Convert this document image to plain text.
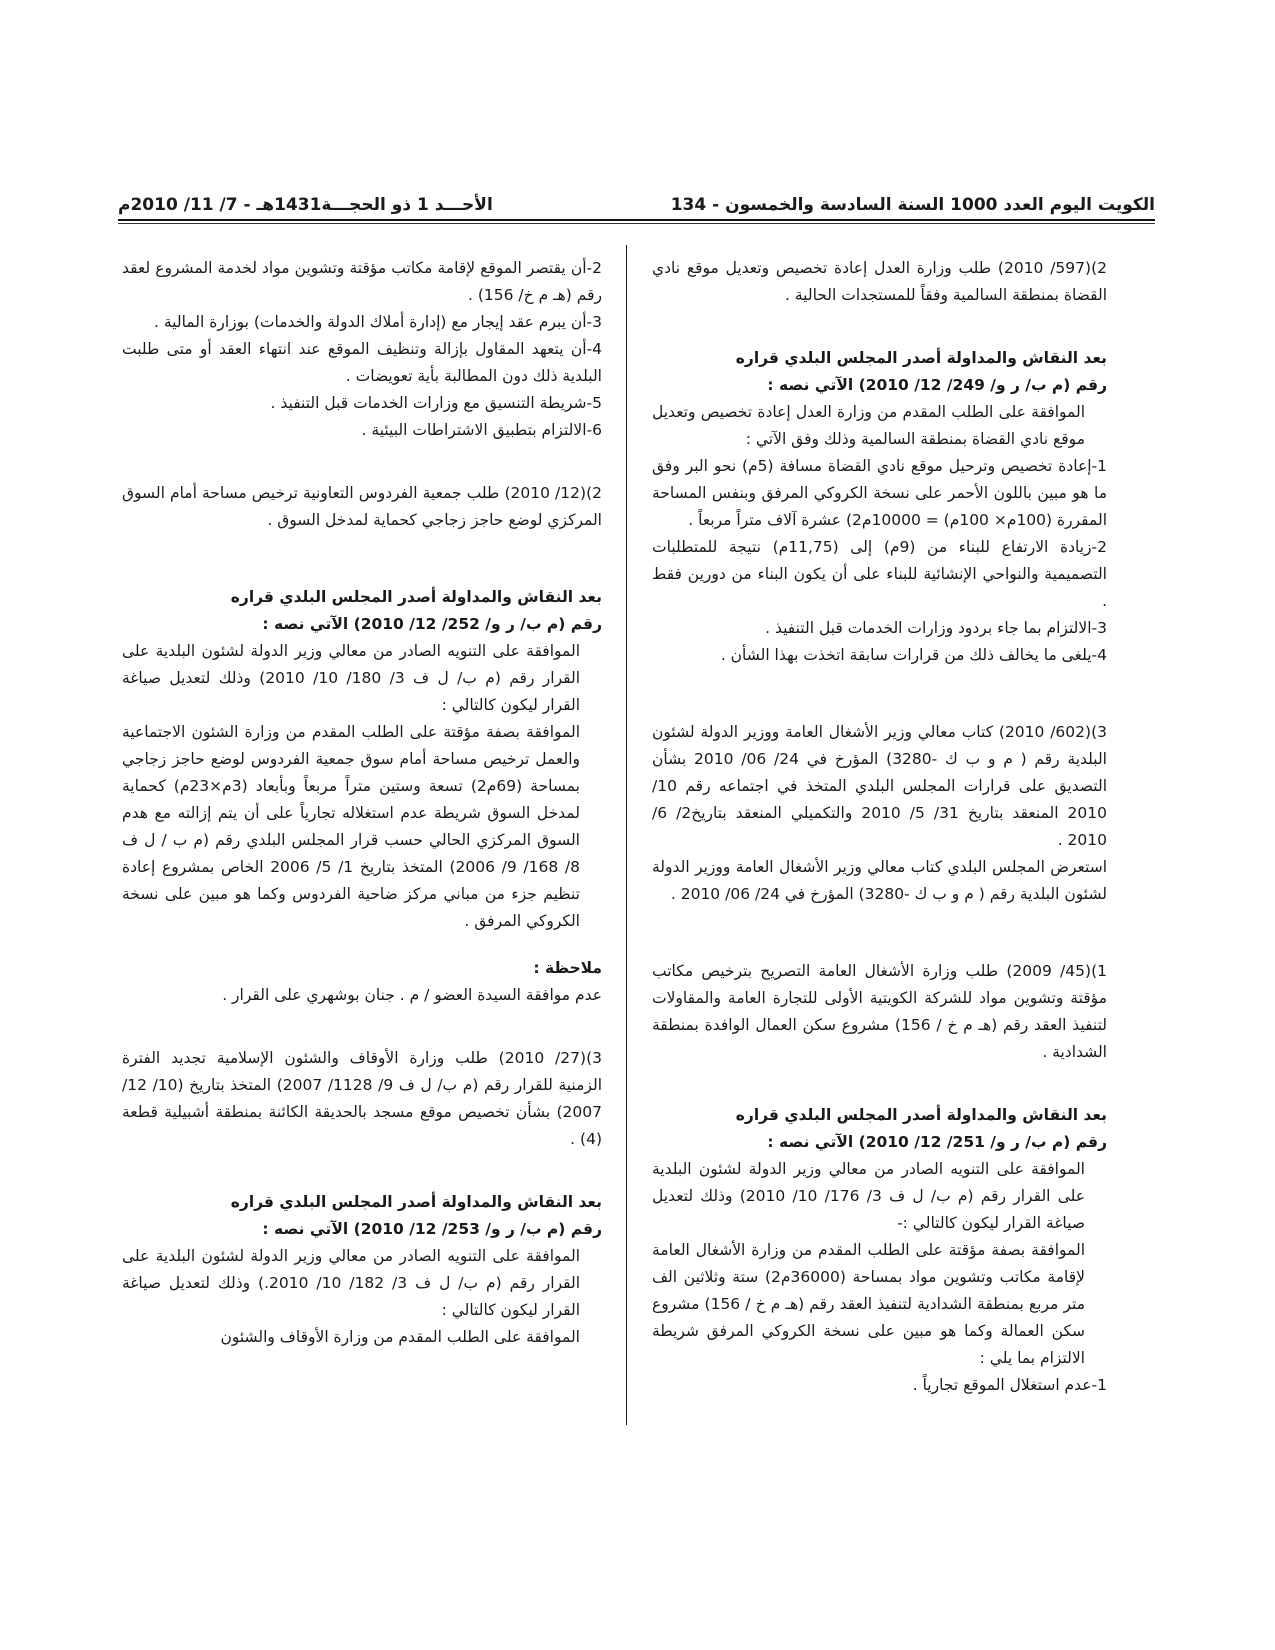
الكويت اليوم العدد 1000 السنة السادسة والخمسون - 134
الأحـــد 1 ذو الحجـــة1431هـ - 7/ 11/ 2010م

2)(597/ 2010) طلب وزارة العدل إعادة تخصيص وتعديل موقع نادي القضاة بمنطقة السالمية وفقاً للمستجدات الحالية .

بعد النقاش والمداولة أصدر المجلس البلدي قراره

رقم (م ب/ ر و/ 249/ 12/ 2010) الآتي نصه :

الموافقة على الطلب المقدم من وزارة العدل إعادة تخصيص وتعديل موقع نادي القضاة بمنطقة السالمية وذلك وفق الآتي :

1-إعادة تخصيص وترحيل موقع نادي القضاة مسافة (5م) نحو البر وفق ما هو مبين باللون الأحمر على نسخة الكروكي المرفق وبنفس المساحة المقررة (100م× 100م) = 10000م2) عشرة آلاف متراً مربعاً .

2-زيادة الارتفاع للبناء من (9م) إلى (11,75م) نتيجة للمتطلبات التصميمية والنواحي الإنشائية للبناء على أن يكون البناء من دورين فقط .

3-الالتزام بما جاء بردود وزارات الخدمات قبل التنفيذ .

4-يلغى ما يخالف ذلك من قرارات سابقة اتخذت بهذا الشأن .

3)(602/ 2010) كتاب معالي وزير الأشغال العامة ووزير الدولة لشئون البلدية رقم ( م و ب ك -3280) المؤرخ في 24/ 06/ 2010 بشأن التصديق على قرارات المجلس البلدي المتخذ في اجتماعه رقم 10/ 2010 المنعقد بتاريخ 31/ 5/ 2010 والتكميلي المنعقد بتاريخ2/ 6/ 2010 .

استعرض المجلس البلدي كتاب معالي وزير الأشغال العامة ووزير الدولة لشئون البلدية رقم ( م و ب ك -3280) المؤرخ في 24/ 06/ 2010 .

1)(45/ 2009) طلب وزارة الأشغال العامة التصريح بترخيص مكاتب مؤقتة وتشوين مواد للشركة الكويتية الأولى للتجارة العامة والمقاولات لتنفيذ العقد رقم (هـ م خ / 156) مشروع سكن العمال الوافدة بمنطقة الشدادية .

بعد النقاش والمداولة أصدر المجلس البلدي قراره

رقم (م ب/ ر و/ 251/ 12/ 2010) الآتي نصه :

الموافقة على التنويه الصادر من معالي وزير الدولة لشئون البلدية على القرار رقم (م ب/ ل ف 3/ 176/ 10/ 2010) وذلك لتعديل صياغة القرار ليكون كالتالي :-

الموافقة بصفة مؤقتة على الطلب المقدم من وزارة الأشغال العامة لإقامة مكاتب وتشوين مواد بمساحة (36000م2) ستة وثلاثين الف متر مربع بمنطقة الشدادية لتنفيذ العقد رقم (هـ م خ / 156) مشروع سكن العمالة وكما هو مبين على نسخة الكروكي المرفق شريطة الالتزام بما يلي :

1-عدم استغلال الموقع تجارياً .

2-أن يقتصر الموقع لإقامة مكاتب مؤقتة وتشوين مواد لخدمة المشروع لعقد رقم (هـ م خ/ 156) .

3-أن يبرم عقد إيجار مع (إدارة أملاك الدولة والخدمات) بوزارة المالية .

4-أن يتعهد المقاول بإزالة وتنظيف الموقع عند انتهاء العقد أو متى طلبت البلدية ذلك دون المطالبة بأية تعويضات .

5-شريطة التنسيق مع وزارات الخدمات قبل التنفيذ .

6-الالتزام بتطبيق الاشتراطات البيئية .

2)(12/ 2010) طلب جمعية الفردوس التعاونية ترخيص مساحة أمام السوق المركزي لوضع حاجز زجاجي كحماية لمدخل السوق .

بعد النقاش والمداولة أصدر المجلس البلدي قراره

رقم (م ب/ ر و/ 252/ 12/ 2010) الآتي نصه :

الموافقة على التنويه الصادر من معالي وزير الدولة لشئون البلدية على القرار رقم (م ب/ ل ف 3/ 180/ 10/ 2010) وذلك لتعديل صياغة القرار ليكون كالتالي :

الموافقة بصفة مؤقتة على الطلب المقدم من وزارة الشئون الاجتماعية والعمل ترخيص مساحة أمام سوق جمعية الفردوس لوضع حاجز زجاجي بمساحة (69م2) تسعة وستين متراً مربعاً وبأبعاد (3م×23م) كحماية لمدخل السوق شريطة عدم استغلاله تجارياً على أن يتم إزالته مع هدم السوق المركزي الحالي حسب قرار المجلس البلدي رقم (م ب / ل ف 8/ 168/ 9/ 2006) المتخذ بتاريخ 1/ 5/ 2006 الخاص بمشروع إعادة تنظيم جزء من مباني مركز ضاحية الفردوس وكما هو مبين على نسخة الكروكي المرفق .

ملاحظة :

عدم موافقة السيدة العضو / م . جنان بوشهري على القرار .

3)(27/ 2010) طلب وزارة الأوقاف والشئون الإسلامية تجديد الفترة الزمنية للقرار رقم (م ب/ ل ف 9/ 1128/ 2007) المتخذ بتاريخ (10/ 12/ 2007) بشأن تخصيص موقع مسجد بالحديقة الكائنة بمنطقة أشبيلية قطعة (4) .

بعد النقاش والمداولة أصدر المجلس البلدي قراره

رقم (م ب/ ر و/ 253/ 12/ 2010) الآتي نصه :

الموافقة على التنويه الصادر من معالي وزير الدولة لشئون البلدية على القرار رقم (م ب/ ل ف 3/ 182/ 10/ 2010.) وذلك لتعديل صياغة القرار ليكون كالتالي :

الموافقة على الطلب المقدم من وزارة الأوقاف والشئون
